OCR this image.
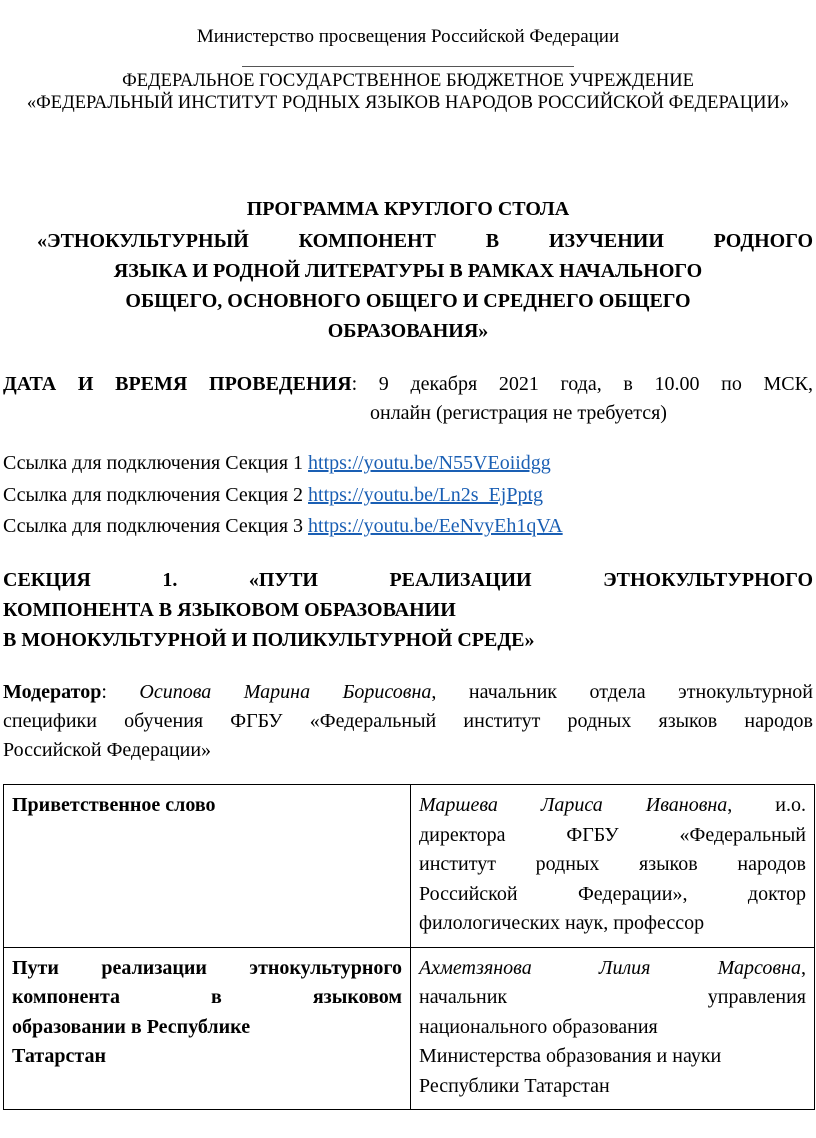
Министерство просвещения Российской Федерации
ФЕДЕРАЛЬНОЕ ГОСУДАРСТВЕННОЕ БЮДЖЕТНОЕ УЧРЕЖДЕНИЕ
«ФЕДЕРАЛЬНЫЙ ИНСТИТУТ РОДНЫХ ЯЗЫКОВ НАРОДОВ РОССИЙСКОЙ ФЕДЕРАЦИИ»
ПРОГРАММА КРУГЛОГО СТОЛА
«ЭТНОКУЛЬТУРНЫЙ КОМПОНЕНТ В ИЗУЧЕНИИ РОДНОГО
ЯЗЫКА И РОДНОЙ ЛИТЕРАТУРЫ В РАМКАХ НАЧАЛЬНОГО
ОБЩЕГО, ОСНОВНОГО ОБЩЕГО И СРЕДНЕГО ОБЩЕГО
ОБРАЗОВАНИЯ»
ДАТА И ВРЕМЯ ПРОВЕДЕНИЯ: 9 декабря 2021 года, в 10.00 по МСК,
онлайн (регистрация не требуется)
Ссылка для подключения Секция 1 https://youtu.be/N55VEoiidgg
Ссылка для подключения Секция 2 https://youtu.be/Ln2s_EjPptg
Ссылка для подключения Секция 3 https://youtu.be/EeNvyEh1qVA
СЕКЦИЯ 1. «ПУТИ РЕАЛИЗАЦИИ ЭТНОКУЛЬТУРНОГО
КОМПОНЕНТА В ЯЗЫКОВОМ ОБРАЗОВАНИИ
В МОНОКУЛЬТУРНОЙ И ПОЛИКУЛЬТУРНОЙ СРЕДЕ»
Модератор: Осипова Марина Борисовна, начальник отдела этнокультурной
специфики обучения ФГБУ «Федеральный институт родных языков народов
Российской Федерации»
Приветственное слово	Маршева Лариса Ивановна, и.о.
директора ФГБУ «Федеральный
институт родных языков народов
Российской Федерации», доктор
филологических наук, профессор

Пути реализации этнокультурного
компонента в языковом
образовании в Республике
Татарстан	Ахметзянова Лилия Марсовна,
начальник управления
национального образования
Министерства образования и науки
Республики Татарстан
